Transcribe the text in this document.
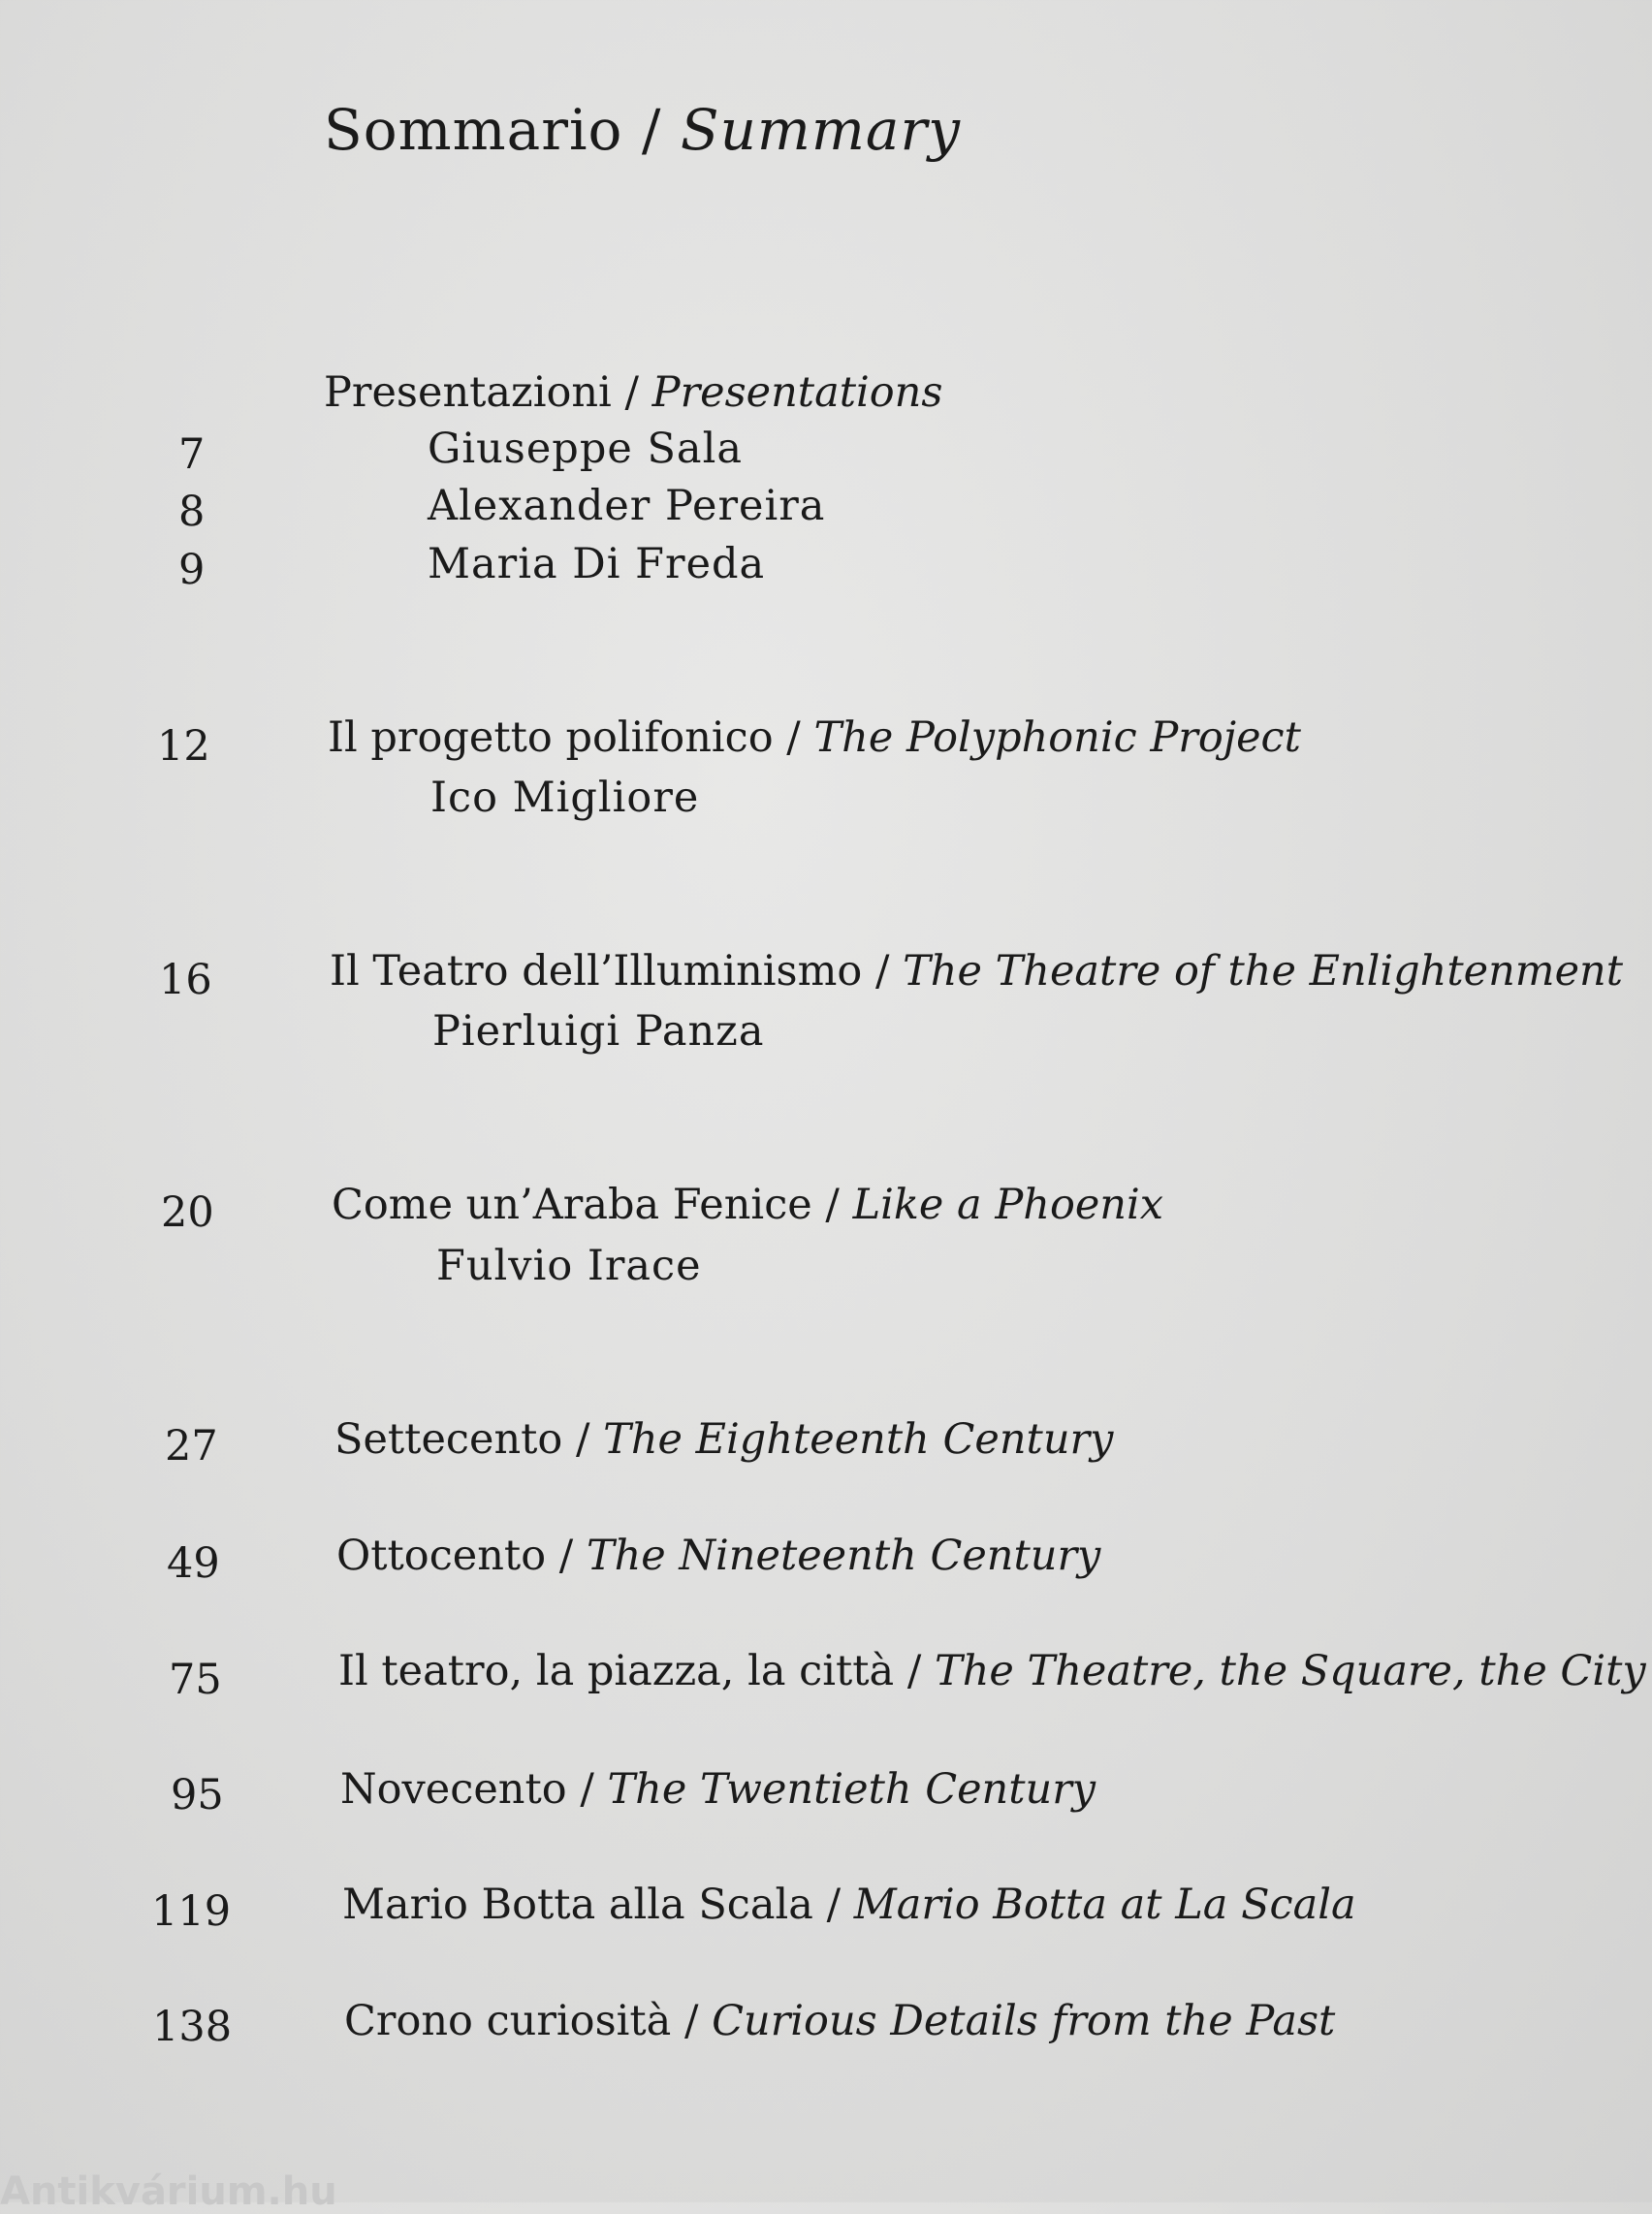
Sommario / Summary
Presentazioni / Presentations
7	Giuseppe Sala
8	Alexander Pereira
9	Maria Di Freda
12	Il progetto polifonico / The Polyphonic Project
Ico Migliore
16	Il Teatro dell’Illuminismo / The Theatre of the Enlightenment
Pierluigi Panza
20	Come un’Araba Fenice / Like a Phoenix
Fulvio Irace
27	Settecento / The Eighteenth Century
49	Ottocento / The Nineteenth Century
75	Il teatro, la piazza, la città / The Theatre, the Square, the City
95	Novecento / The Twentieth Century
119	Mario Botta alla Scala / Mario Botta at La Scala
138	Crono curiosità / Curious Details from the Past
Antikvárium.hu
